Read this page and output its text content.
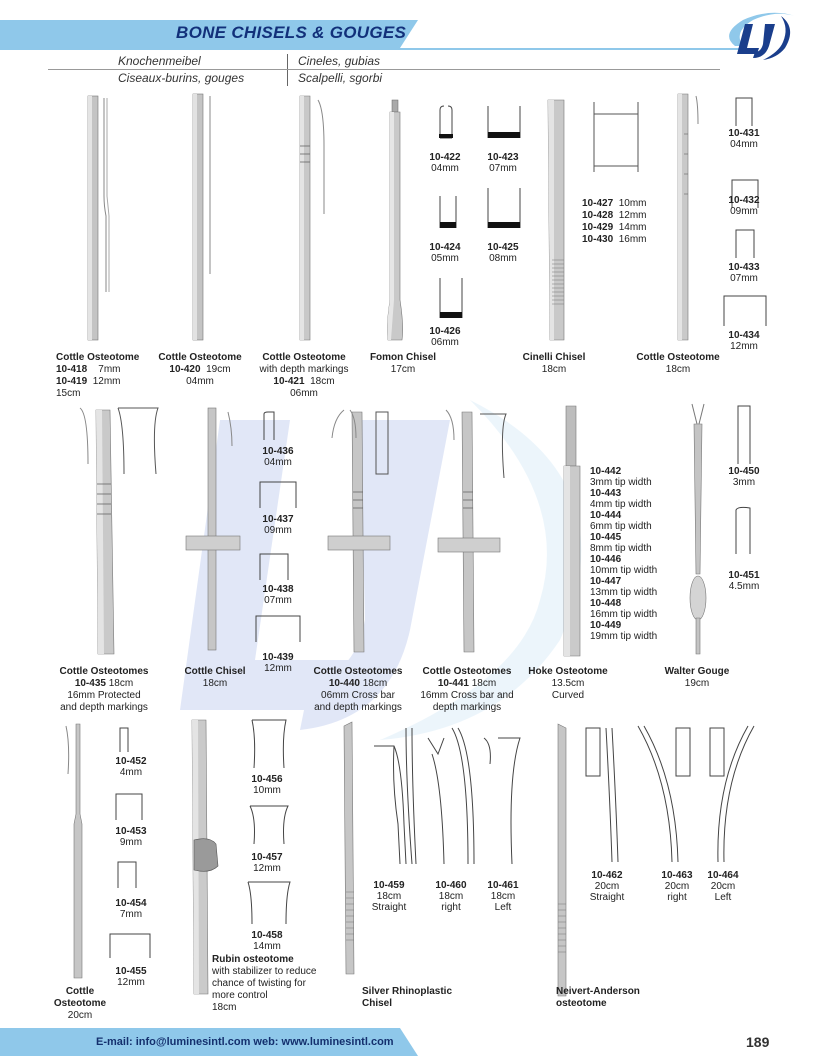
BONE CHISELS & GOUGES
Knochenmeibel	Cineles, gubias
Ciseaux-burins, gouges	Scalpelli, sgorbi
10-422
04mm
10-423
07mm
10-424
05mm
10-425
08mm
10-426
06mm
10-427 10mm
10-428 12mm
10-429 14mm
10-430 16mm
10-431
04mm
10-432
09mm
10-433
07mm
10-434
12mm
Cottle Osteotome
10-418 7mm
10-419 12mm
15cm
Cottle Osteotome
10-420 19cm
04mm
Cottle Osteotome
with depth markings
10-421 18cm
06mm
Fomon Chisel
17cm
Cinelli Chisel
18cm
Cottle Osteotome
18cm
10-436
04mm
10-437
09mm
10-438
07mm
10-439
12mm
10-442
3mm tip width
10-443
4mm tip width
10-444
6mm tip width
10-445
8mm tip width
10-446
10mm tip width
10-447
13mm tip width
10-448
16mm tip width
10-449
19mm tip width
10-450
3mm
10-451
4.5mm
Cottle Osteotomes
10-435 18cm
16mm Protected
and depth markings
Cottle Chisel
18cm
Cottle Osteotomes
10-440 18cm
06mm Cross bar
and depth markings
Cottle Osteotomes
10-441 18cm
16mm Cross bar and
depth markings
Hoke Osteotome
13.5cm
Curved
Walter Gouge
19cm
10-452
4mm
10-453
9mm
10-454
7mm
10-455
12mm
10-456
10mm
10-457
12mm
10-458
14mm
10-459
18cm
Straight
10-460
18cm
right
10-461
18cm
Left
10-462
20cm
Straight
10-463
20cm
right
10-464
20cm
Left
Cottle
Osteotome
20cm
Rubin osteotome
with stabilizer to reduce
chance of twisting for
more control
18cm
Silver Rhinoplastic
Chisel
Neivert-Anderson
osteotome
E-mail: info@luminesintl.com web: www.luminesintl.com	189
